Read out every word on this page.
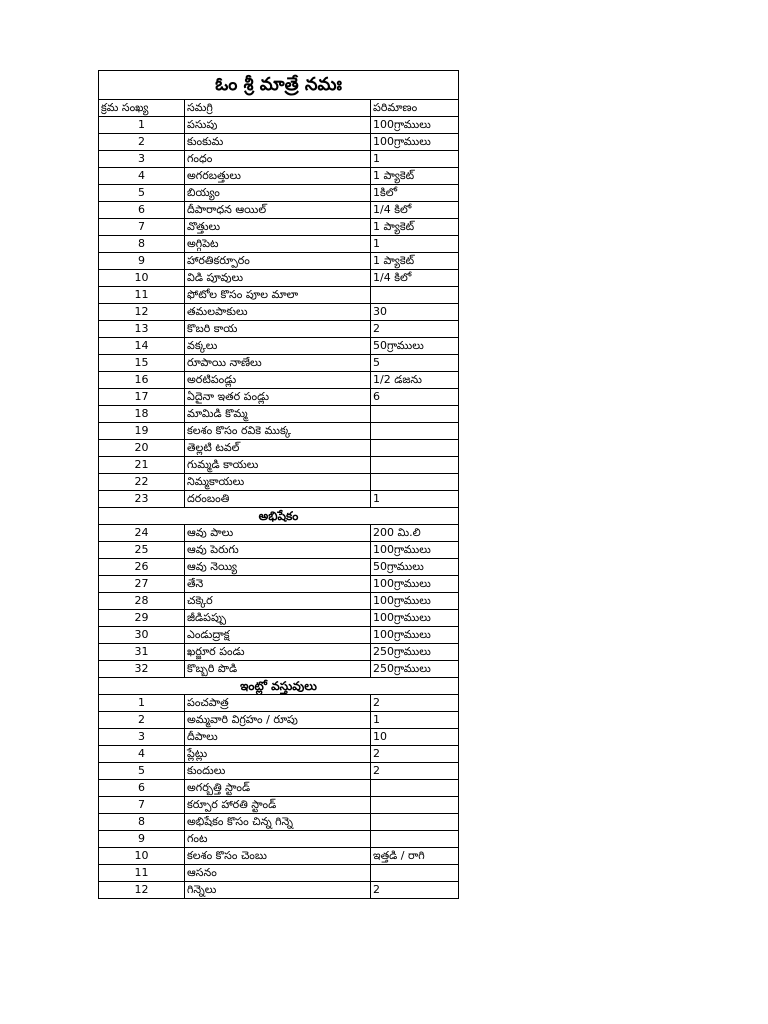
ఓం శ్రీ మాత్రే నమః		
క్రమ సంఖ్య	సమగ్రి	పరిమాణం
1	పసుపు	100గ్రాములు
2	కుంకుమ	100గ్రాములు
3	గంధం	1
4	అగరబత్తులు	1 ప్యాకెట్
5	బియ్యం	1కిలో
6	దీపారాధన ఆయిల్	1/4 కిలో
7	వొత్తులు	1 ప్యాకెట్
8	అగ్గిపెట	1
9	హారతికర్పూరం	1 ప్యాకెట్
10	విడి పూవులు	1/4 కిలో
11	ఫోటోల కొసం పూల మాలా	
12	తమలపాకులు	30
13	కొబరి కాయ	2
14	వక్కలు	50గ్రాములు
15	రూపాయి నాణేలు	5
16	అరటిపండ్లు	1/2 డజను
17	ఏదైనా ఇతర పండ్లు	6
18	మామిడి కొమ్మ	
19	కలశం కొసం రవికె ముక్క	
20	తెల్లటి టవల్	
21	గుమ్మడి కాయలు	
22	నిమ్మకాయలు	
23	దరంబంతి	1
అభిషేకం		
24	ఆవు పాలు	200 మి.లి
25	ఆవు పెరుగు	100గ్రాములు
26	ఆవు నెయ్యి	50గ్రాములు
27	తేనె	100గ్రాములు
28	చక్కెర	100గ్రాములు
29	జీడిపప్పు	100గ్రాములు
30	ఎండుద్రాక్ష	100గ్రాములు
31	ఖర్జూర పండు	250గ్రాములు
32	కొబ్బరి పొడి	250గ్రాములు
ఇంట్లో వస్తువులు		
1	పంచపాత్ర	2
2	అమ్మవారి విగ్రహం / రూపు	1
3	దీపాలు	10
4	ప్లేట్లు	2
5	కుందులు	2
6	అగర్బత్తి స్టాండ్	
7	కర్పూర హారతి స్టాండ్	
8	అభిషేకం కొసం చిన్న గిన్నె	
9	గంట	
10	కలశం కొసం చెంబు	ఇత్తడి / రాగి
11	ఆసనం	
12	గిన్నెలు	2
